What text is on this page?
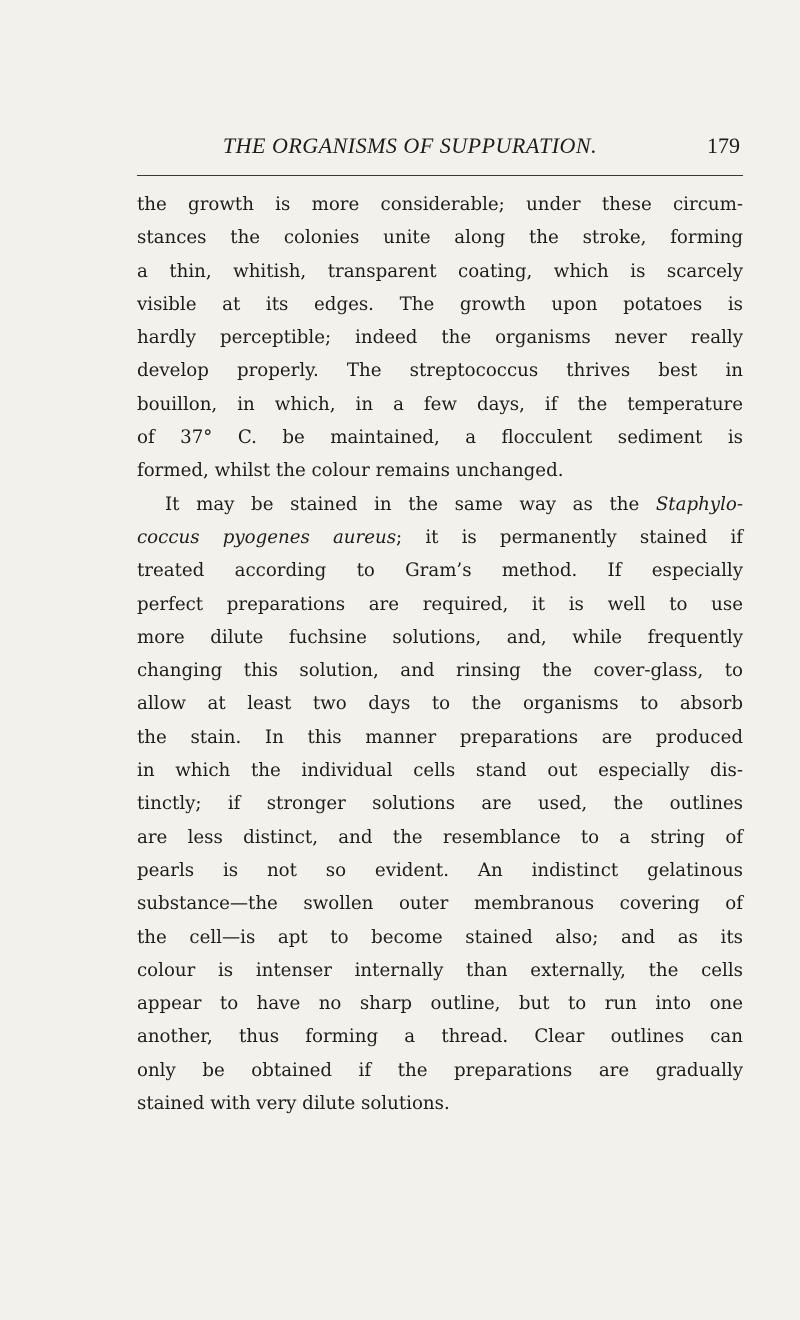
THE ORGANISMS OF SUPPURATION.	179
the growth is more considerable; under these circum-
stances the colonies unite along the stroke, forming
a thin, whitish, transparent coating, which is scarcely
visible at its edges. The growth upon potatoes is
hardly perceptible; indeed the organisms never really
develop properly. The streptococcus thrives best in
bouillon, in which, in a few days, if the temperature
of 37° C. be maintained, a flocculent sediment is
formed, whilst the colour remains unchanged.
It may be stained in the same way as the Staphylo-
coccus pyogenes aureus; it is permanently stained if
treated according to Gram’s method. If especially
perfect preparations are required, it is well to use
more dilute fuchsine solutions, and, while frequently
changing this solution, and rinsing the cover-glass, to
allow at least two days to the organisms to absorb
the stain. In this manner preparations are produced
in which the individual cells stand out especially dis-
tinctly; if stronger solutions are used, the outlines
are less distinct, and the resemblance to a string of
pearls is not so evident. An indistinct gelatinous
substance—the swollen outer membranous covering of
the cell—is apt to become stained also; and as its
colour is intenser internally than externally, the cells
appear to have no sharp outline, but to run into one
another, thus forming a thread. Clear outlines can
only be obtained if the preparations are gradually
stained with very dilute solutions.
